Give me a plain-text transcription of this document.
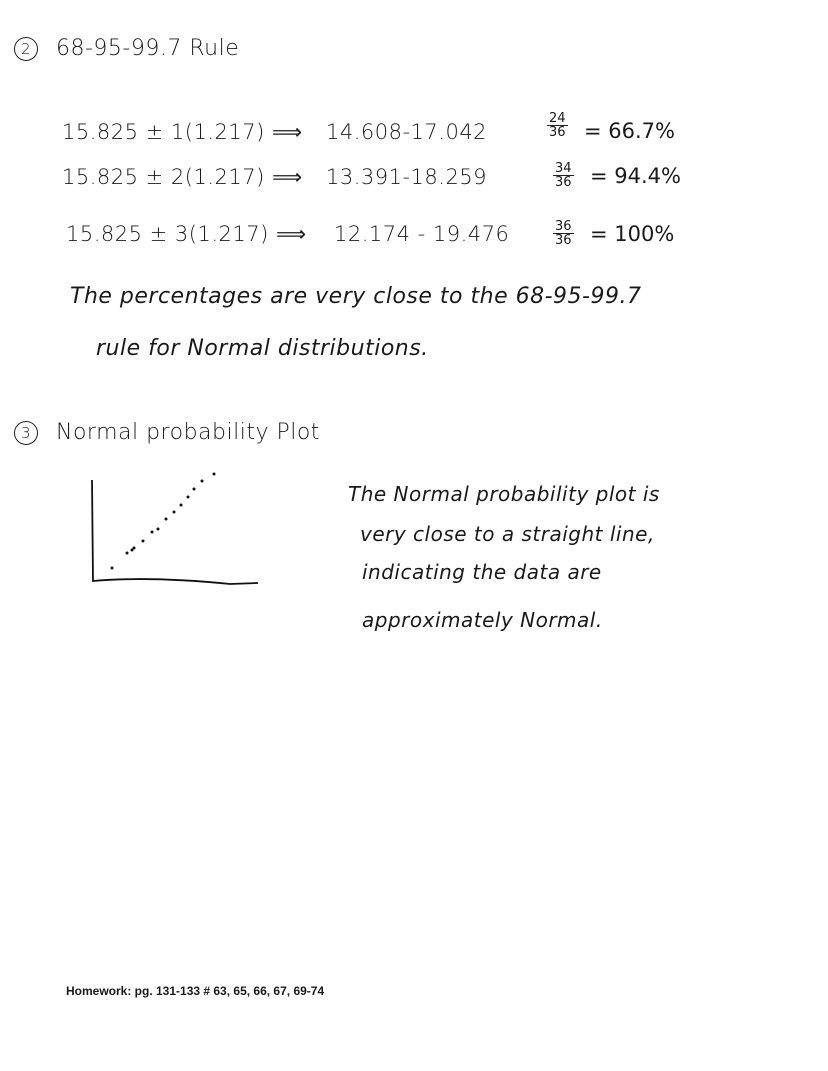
2 68-95-99.7 Rule
15.825 ± 1(1.217) ⟹ 14.608-17.042	$\frac{24}{36} = 66.7\%$
15.825 ± 2(1.217) ⟹ 13.391-18.259	$\frac{34}{36} = 94.4\%$
15.825 ± 3(1.217) ⟹ 12.174 - 19.476	$\frac{36}{36} = 100\%$
The percentages are very close to the 68-95-99.7
rule for Normal distributions.
3 Normal probability Plot
The Normal probability plot is
very close to a straight line,
indicating the data are
approximately Normal.
Homework: pg. 131-133 # 63, 65, 66, 67, 69-74
